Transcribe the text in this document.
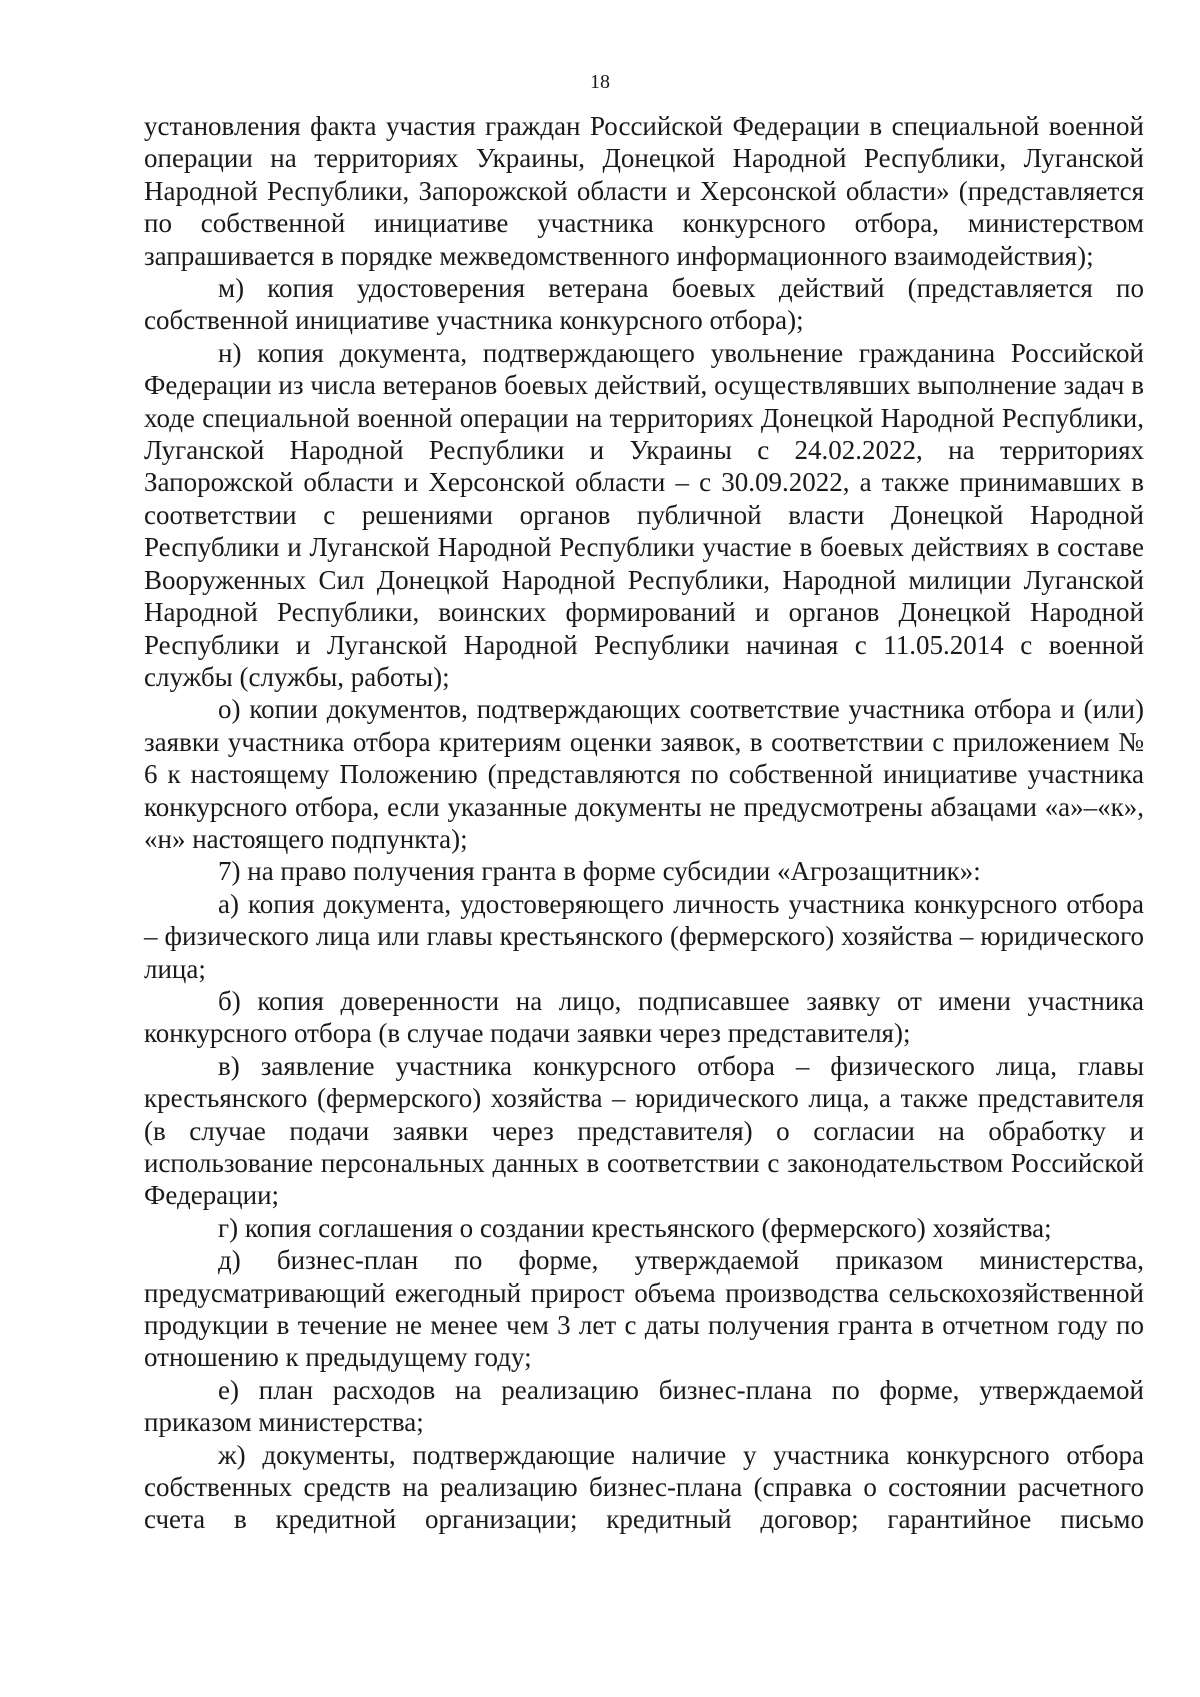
18

установления факта участия граждан Российской Федерации в специальной военной операции на территориях Украины, Донецкой Народной Республики, Луганской Народной Республики, Запорожской области и Херсонской области» (представляется по собственной инициативе участника конкурсного отбора, министерством запрашивается в порядке межведомственного информационного взаимодействия);

м) копия удостоверения ветерана боевых действий (представляется по собственной инициативе участника конкурсного отбора);

н) копия документа, подтверждающего увольнение гражданина Российской Федерации из числа ветеранов боевых действий, осуществлявших выполнение задач в ходе специальной военной операции на территориях Донецкой Народной Республики, Луганской Народной Республики и Украины с 24.02.2022, на территориях Запорожской области и Херсонской области – с 30.09.2022, а также принимавших в соответствии с решениями органов публичной власти Донецкой Народной Республики и Луганской Народной Республики участие в боевых действиях в составе Вооруженных Сил Донецкой Народной Республики, Народной милиции Луганской Народной Республики, воинских формирований и органов Донецкой Народной Республики и Луганской Народной Республики начиная с 11.05.2014 с военной службы (службы, работы);

о) копии документов, подтверждающих соответствие участника отбора и (или) заявки участника отбора критериям оценки заявок, в соответствии с приложением № 6 к настоящему Положению (представляются по собственной инициативе участника конкурсного отбора, если указанные документы не предусмотрены абзацами «а»–«к», «н» настоящего подпункта);

7) на право получения гранта в форме субсидии «Агрозащитник»:

а) копия документа, удостоверяющего личность участника конкурсного отбора – физического лица или главы крестьянского (фермерского) хозяйства – юридического лица;

б) копия доверенности на лицо, подписавшее заявку от имени участника конкурсного отбора (в случае подачи заявки через представителя);

в) заявление участника конкурсного отбора – физического лица, главы крестьянского (фермерского) хозяйства – юридического лица, а также представителя (в случае подачи заявки через представителя) о согласии на обработку и использование персональных данных в соответствии с законодательством Российской Федерации;

г) копия соглашения о создании крестьянского (фермерского) хозяйства;

д) бизнес-план по форме, утверждаемой приказом министерства, предусматривающий ежегодный прирост объема производства сельскохозяйственной продукции в течение не менее чем 3 лет с даты получения гранта в отчетном году по отношению к предыдущему году;

е) план расходов на реализацию бизнес-плана по форме, утверждаемой приказом министерства;

ж) документы, подтверждающие наличие у участника конкурсного отбора собственных средств на реализацию бизнес-плана (справка о состоянии расчетного счета в кредитной организации; кредитный договор; гарантийное письмо
